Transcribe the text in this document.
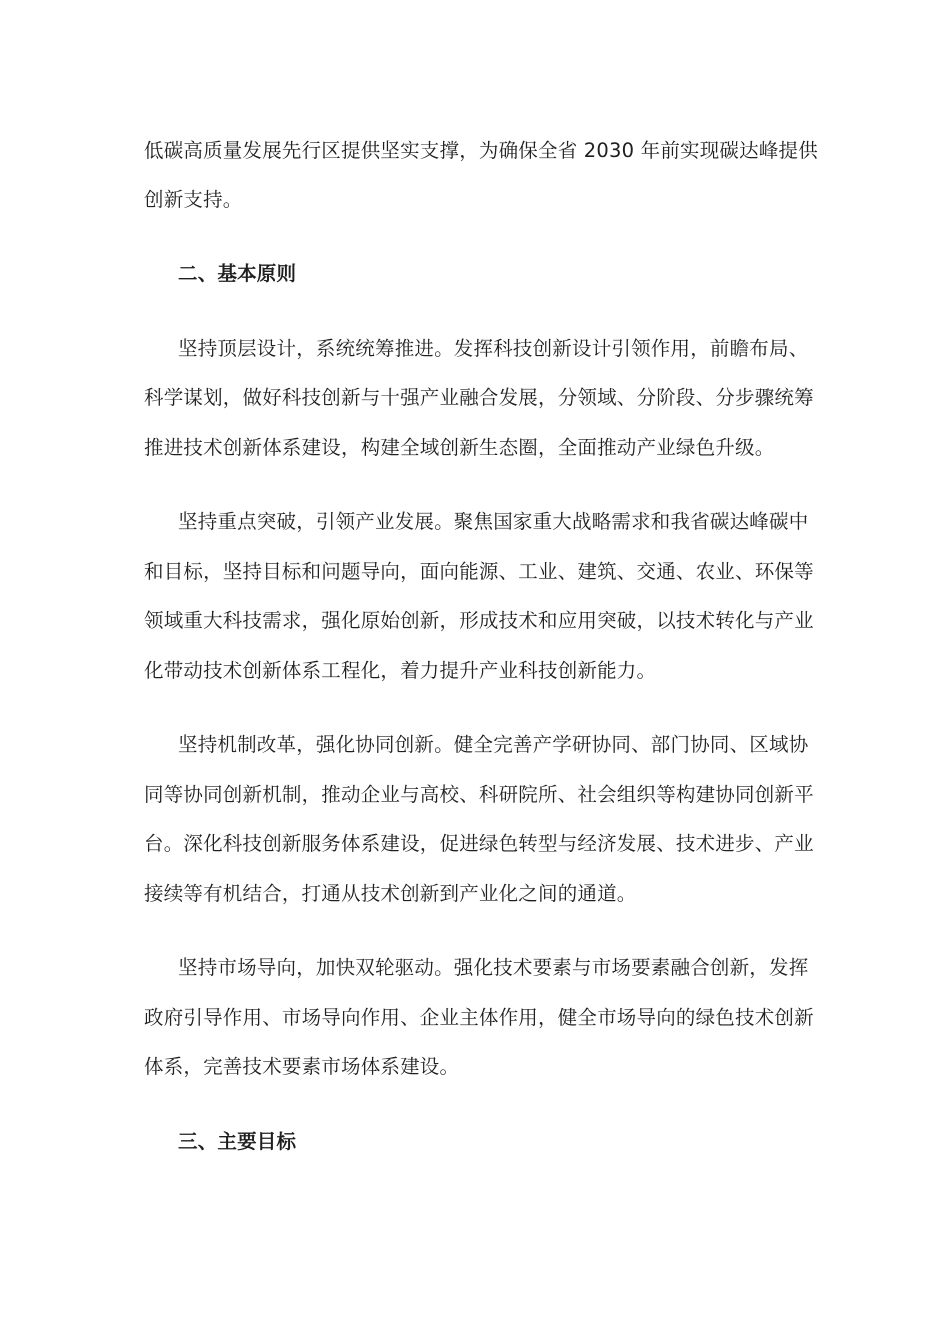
低碳高质量发展先行区提供坚实支撑，为确保全省 2030 年前实现碳达峰提供
创新支持。
二、基本原则
坚持顶层设计，系统统筹推进。发挥科技创新设计引领作用，前瞻布局、
科学谋划，做好科技创新与十强产业融合发展，分领域、分阶段、分步骤统筹
推进技术创新体系建设，构建全域创新生态圈，全面推动产业绿色升级。
坚持重点突破，引领产业发展。聚焦国家重大战略需求和我省碳达峰碳中
和目标，坚持目标和问题导向，面向能源、工业、建筑、交通、农业、环保等
领域重大科技需求，强化原始创新，形成技术和应用突破，以技术转化与产业
化带动技术创新体系工程化，着力提升产业科技创新能力。
坚持机制改革，强化协同创新。健全完善产学研协同、部门协同、区域协
同等协同创新机制，推动企业与高校、科研院所、社会组织等构建协同创新平
台。深化科技创新服务体系建设，促进绿色转型与经济发展、技术进步、产业
接续等有机结合，打通从技术创新到产业化之间的通道。
坚持市场导向，加快双轮驱动。强化技术要素与市场要素融合创新，发挥
政府引导作用、市场导向作用、企业主体作用，健全市场导向的绿色技术创新
体系，完善技术要素市场体系建设。
三、主要目标
